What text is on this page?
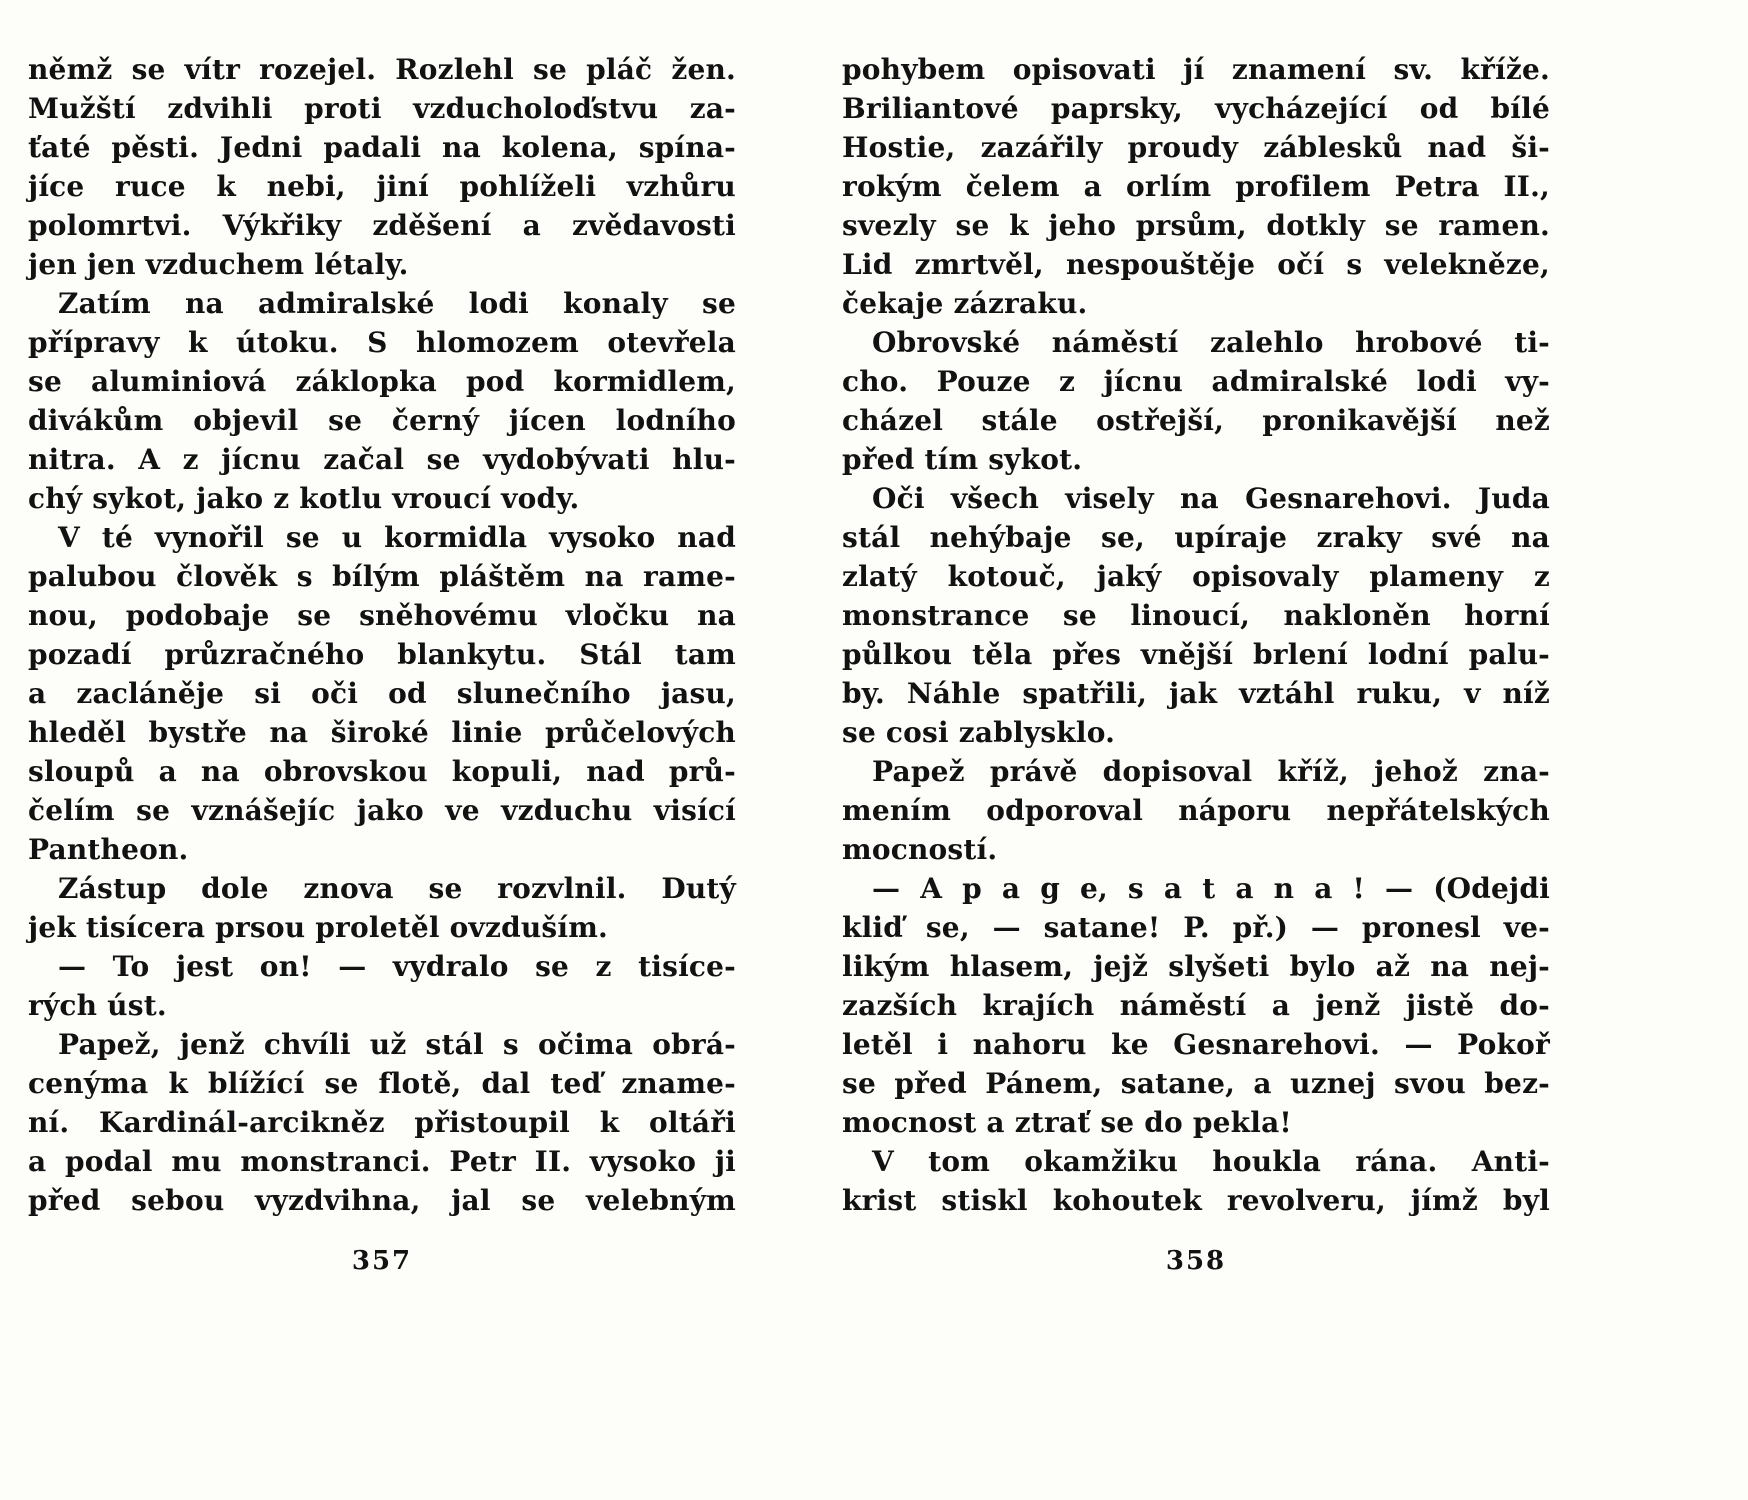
němž se vítr rozejel. Rozlehl se pláč žen.
Mužští zdvihli proti vzducholoďstvu za-
ťaté pěsti. Jedni padali na kolena, spína-
jíce ruce k nebi, jiní pohlíželi vzhůru
polomrtvi. Výkřiky zděšení a zvědavosti
jen jen vzduchem létaly.
Zatím na admiralské lodi konaly se
přípravy k útoku. S hlomozem otevřela
se aluminiová záklopka pod kormidlem,
divákům objevil se černý jícen lodního
nitra. A z jícnu začal se vydobývati hlu-
chý sykot, jako z kotlu vroucí vody.
V té vynořil se u kormidla vysoko nad
palubou člověk s bílým pláštěm na rame-
nou, podobaje se sněhovému vločku na
pozadí průzračného blankytu. Stál tam
a zacláněje si oči od slunečního jasu,
hleděl bystře na široké linie průčelových
sloupů a na obrovskou kopuli, nad prů-
čelím se vznášejíc jako ve vzduchu visící
Pantheon.
Zástup dole znova se rozvlnil. Dutý
jek tisícera prsou proletěl ovzduším.
— To jest on! — vydralo se z tisíce-
rých úst.
Papež, jenž chvíli už stál s očima obrá-
cenýma k blížící se flotě, dal teď zname-
ní. Kardinál-arcikněz přistoupil k oltáři
a podal mu monstranci. Petr II. vysoko ji
před sebou vyzdvihna, jal se velebným
357
pohybem opisovati jí znamení sv. kříže.
Briliantové paprsky, vycházející od bílé
Hostie, zazářily proudy záblesků nad ši-
rokým čelem a orlím profilem Petra II.,
svezly se k jeho prsům, dotkly se ramen.
Lid zmrtvěl, nespouštěje očí s velekněze,
čekaje zázraku.
Obrovské náměstí zalehlo hrobové ti-
cho. Pouze z jícnu admiralské lodi vy-
cházel stále ostřejší, pronikavější než
před tím sykot.
Oči všech visely na Gesnarehovi. Juda
stál nehýbaje se, upíraje zraky své na
zlatý kotouč, jaký opisovaly plameny z
monstrance se linoucí, nakloněn horní
půlkou těla přes vnější brlení lodní palu-
by. Náhle spatřili, jak vztáhl ruku, v níž
se cosi zablysklo.
Papež právě dopisoval kříž, jehož zna-
mením odporoval náporu nepřátelských
mocností.
— A p a g e, s a t a n a ! — (Odejdi
kliď se, — satane! P. př.) — pronesl ve-
likým hlasem, jejž slyšeti bylo až na nej-
zazších krajích náměstí a jenž jistě do-
letěl i nahoru ke Gesnarehovi. — Pokoř
se před Pánem, satane, a uznej svou bez-
mocnost a ztrať se do pekla!
V tom okamžiku houkla rána. Anti-
krist stiskl kohoutek revolveru, jímž byl
358
